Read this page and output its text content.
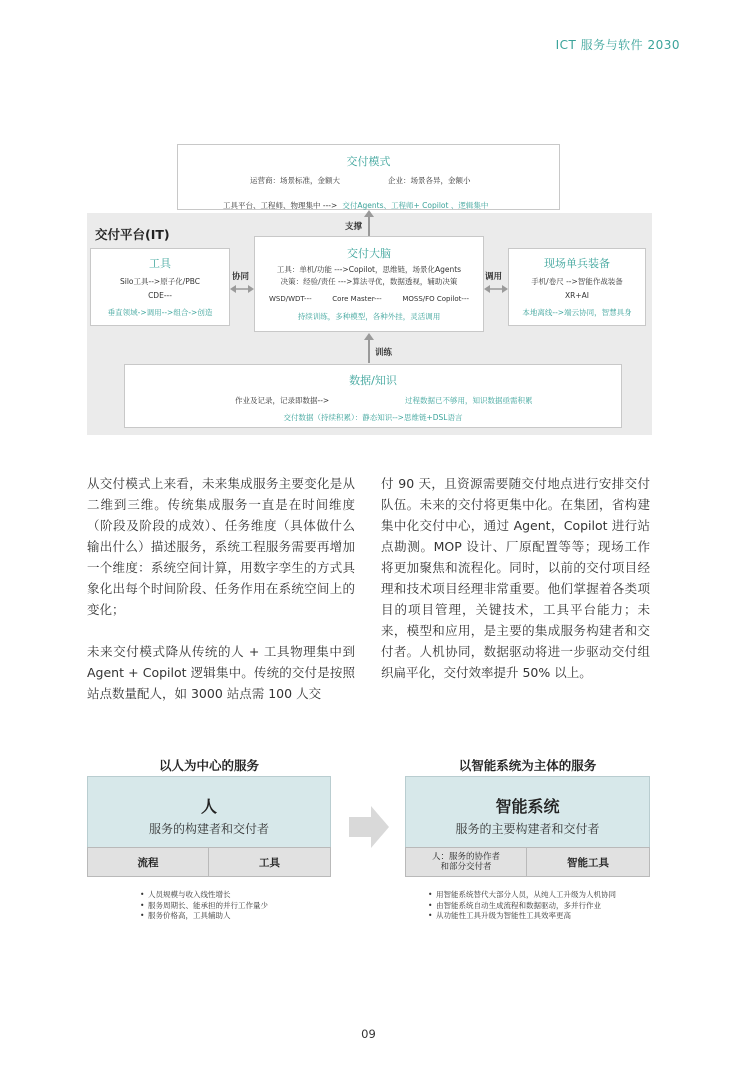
ICT 服务与软件 2030
交付模式
运营商：场景标准，金额大	企业：场景各异，金额小
工具平台、工程师、物理集中 ---> 交付Agents、工程师+ Copilot 、逻辑集中
支撑
交付平台(IT)
工具
Silo工具-->原子化/PBC
CDE---
垂直领域->调用-->组合->创造
协同
交付大脑
工具：单机/功能 --->Copilot，思维链，场景化Agents
决策：经验/责任 --->算法寻优，数据透视，辅助决策
WSD/WDT---	Core Master---	MOSS/FO Copilot---
持续训练，多种模型，各种外挂，灵活调用
调用
现场单兵装备
手机/卷尺 -->智能作战装备
XR+AI
本地离线-->端云协同，智慧具身
训练
数据/知识
作业及记录，记录即数据-->	过程数据已不够用，知识数据亟需积累
交付数据（持续积累）：静态知识-->思维链+DSL语言

从交付模式上来看，未来集成服务主要变化是从二维到三维。传统集成服务一直是在时间维度（阶段及阶段的成效）、任务维度（具体做什么输出什么）描述服务，系统工程服务需要再增加一个维度：系统空间计算，用数字孪生的方式具象化出每个时间阶段、任务作用在系统空间上的变化；

未来交付模式降从传统的人 + 工具物理集中到 Agent + Copilot 逻辑集中。传统的交付是按照站点数量配人，如 3000 站点需 100 人交

付 90 天，且资源需要随交付地点进行安排交付队伍。未来的交付将更集中化。在集团，省构建集中化交付中心，通过 Agent，Copilot 进行站点勘测。MOP 设计、厂原配置等等；现场工作将更加聚焦和流程化。同时，以前的交付项目经理和技术项目经理非常重要。他们掌握着各类项目的项目管理，关键技术，工具平台能力；未来，模型和应用，是主要的集成服务构建者和交付者。人机协同，数据驱动将进一步驱动交付组织扁平化，交付效率提升 50% 以上。

以人为中心的服务	以智能系统为主体的服务
人
服务的构建者和交付者
流程	工具
智能系统
服务的主要构建者和交付者
人：服务的协作者
和部分交付者	智能工具
• 人员规模与收入线性增长
• 服务周期长、能承担的并行工作量少
• 服务价格高，工具辅助人
• 用智能系统替代大部分人员，从纯人工升级为人机协同
• 由智能系统自动生成流程和数据驱动，多并行作业
• 从功能性工具升级为智能性工具效率更高
09
